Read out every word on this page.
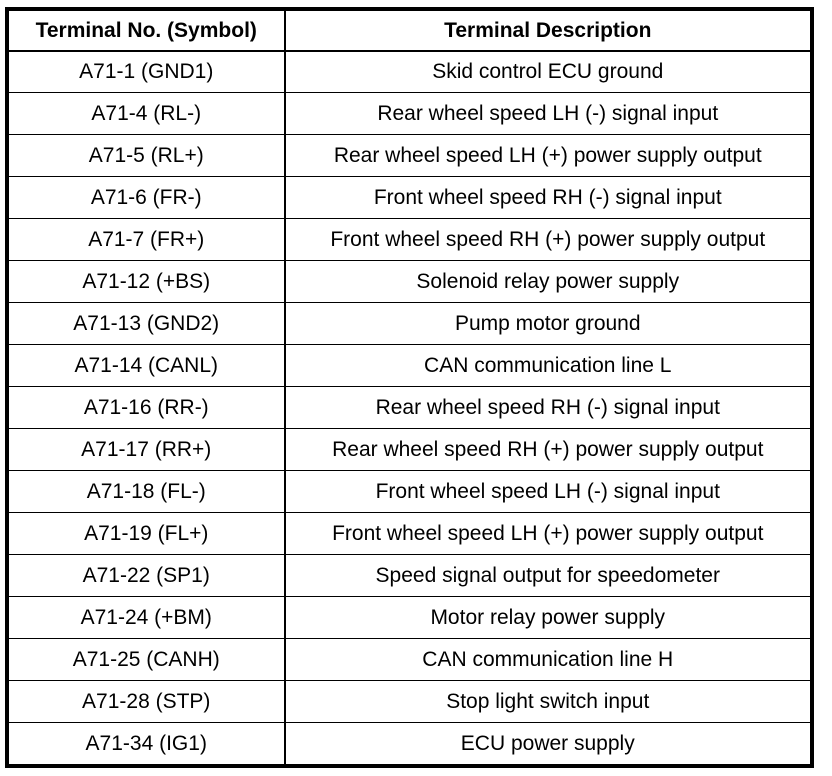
Terminal No. (Symbol)	Terminal Description
A71-1 (GND1)	Skid control ECU ground
A71-4 (RL-)	Rear wheel speed LH (-) signal input
A71-5 (RL+)	Rear wheel speed LH (+) power supply output
A71-6 (FR-)	Front wheel speed RH (-) signal input
A71-7 (FR+)	Front wheel speed RH (+) power supply output
A71-12 (+BS)	Solenoid relay power supply
A71-13 (GND2)	Pump motor ground
A71-14 (CANL)	CAN communication line L
A71-16 (RR-)	Rear wheel speed RH (-) signal input
A71-17 (RR+)	Rear wheel speed RH (+) power supply output
A71-18 (FL-)	Front wheel speed LH (-) signal input
A71-19 (FL+)	Front wheel speed LH (+) power supply output
A71-22 (SP1)	Speed signal output for speedometer
A71-24 (+BM)	Motor relay power supply
A71-25 (CANH)	CAN communication line H
A71-28 (STP)	Stop light switch input
A71-34 (IG1)	ECU power supply
